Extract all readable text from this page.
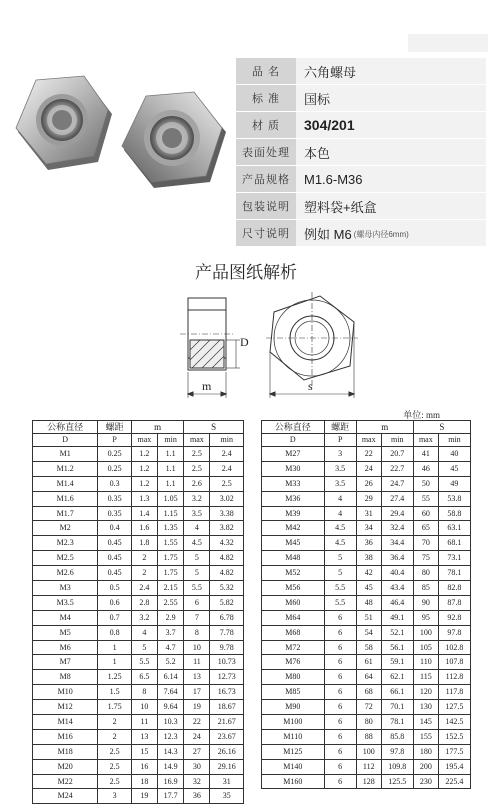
品 名	六角螺母
标 准	国标
材 质	304/201
表面处理	本色
产品规格	M1.6-M36
包装说明	塑料袋+纸盒
尺寸说明	例如 M6 (螺母内径6mm)
产品图纸解析
D
m	s
单位: mm
公称直径	螺距	m		S	
D	P				
		max	min	max	min
M1	0.25	1.2	1.1	2.5	2.4
M1.2	0.25	1.2	1.1	2.5	2.4
M1.4	0.3	1.2	1.1	2.6	2.5
M1.6	0.35	1.3	1.05	3.2	3.02
M1.7	0.35	1.4	1.15	3.5	3.38
M2	0.4	1.6	1.35	4	3.82
M2.3	0.45	1.8	1.55	4.5	4.32
M2.5	0.45	2	1.75	5	4.82
M2.6	0.45	2	1.75	5	4.82
M3	0.5	2.4	2.15	5.5	5.32
M3.5	0.6	2.8	2.55	6	5.82
M4	0.7	3.2	2.9	7	6.78
M5	0.8	4	3.7	8	7.78
M6	1	5	4.7	10	9.78
M7	1	5.5	5.2	11	10.73
M8	1.25	6.5	6.14	13	12.73
M10	1.5	8	7.64	17	16.73
M12	1.75	10	9.64	19	18.67
M14	2	11	10.3	22	21.67
M16	2	13	12.3	24	23.67
M18	2.5	15	14.3	27	26.16
M20	2.5	16	14.9	30	29.16
M22	2.5	18	16.9	32	31
M24	3	19	17.7	36	35
公称直径	螺距	m		S	
D	P				
		max	min	max	min
M27	3	22	20.7	41	40
M30	3.5	24	22.7	46	45
M33	3.5	26	24.7	50	49
M36	4	29	27.4	55	53.8
M39	4	31	29.4	60	58.8
M42	4.5	34	32.4	65	63.1
M45	4.5	36	34.4	70	68.1
M48	5	38	36.4	75	73.1
M52	5	42	40.4	80	78.1
M56	5.5	45	43.4	85	82.8
M60	5.5	48	46.4	90	87.8
M64	6	51	49.1	95	92.8
M68	6	54	52.1	100	97.8
M72	6	58	56.1	105	102.8
M76	6	61	59.1	110	107.8
M80	6	64	62.1	115	112.8
M85	6	68	66.1	120	117.8
M90	6	72	70.1	130	127.5
M100	6	80	78.1	145	142.5
M110	6	88	85.8	155	152.5
M125	6	100	97.8	180	177.5
M140	6	112	109.8	200	195.4
M160	6	128	125.5	230	225.4
